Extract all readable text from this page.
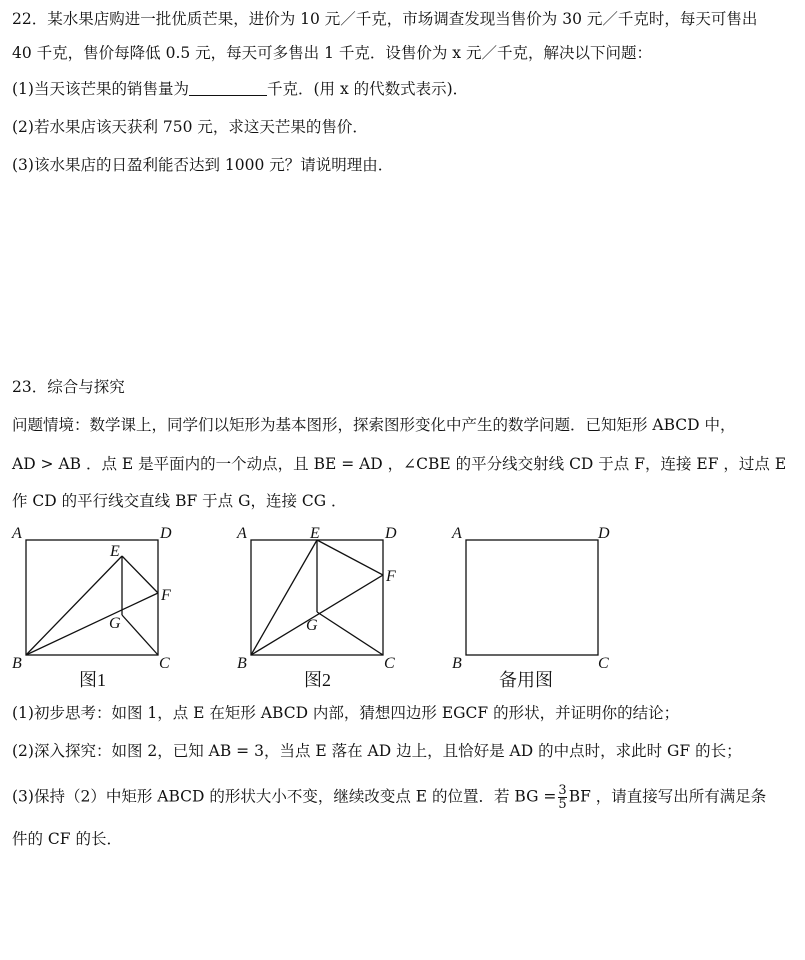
22．某水果店购进一批优质芒果，进价为 10 元／千克，市场调查发现当售价为 30 元／千克时，每天可售出
40 千克，售价每降低 0.5 元，每天可多售出 1 千克．设售价为 x 元／千克，解决以下问题：
(1)当天该芒果的销售量为	千克．(用 x 的代数式表示)．
(2)若水果店该天获利 750 元，求这天芒果的售价．
(3)该水果店的日盈利能否达到 1000 元？请说明理由．
23．综合与探究
问题情境：数学课上，同学们以矩形为基本图形，探索图形变化中产生的数学问题．已知矩形 ABCD 中，
AD > AB ．点 E 是平面内的一个动点，且 BE = AD ，∠CBE 的平分线交射线 CD 于点 F，连接 EF ，过点 E
作 CD 的平行线交直线 BF 于点 G，连接 CG ．
A	D
E
F
G
B	C
图1
A	D
E
F
G
B	C
图2
A	D
B	C
备用图
(1)初步思考：如图 1，点 E 在矩形 ABCD 内部，猜想四边形 EGCF 的形状，并证明你的结论；
(2)深入探究：如图 2，已知 AB = 3，当点 E 落在 AD 边上，且恰好是 AD 的中点时，求此时 GF 的长；
(3)保持（2）中矩形 ABCD 的形状大小不变，继续改变点 E 的位置．若 BG = $\frac{3}{5}$ BF ，请直接写出所有满足条
件的 CF 的长．
